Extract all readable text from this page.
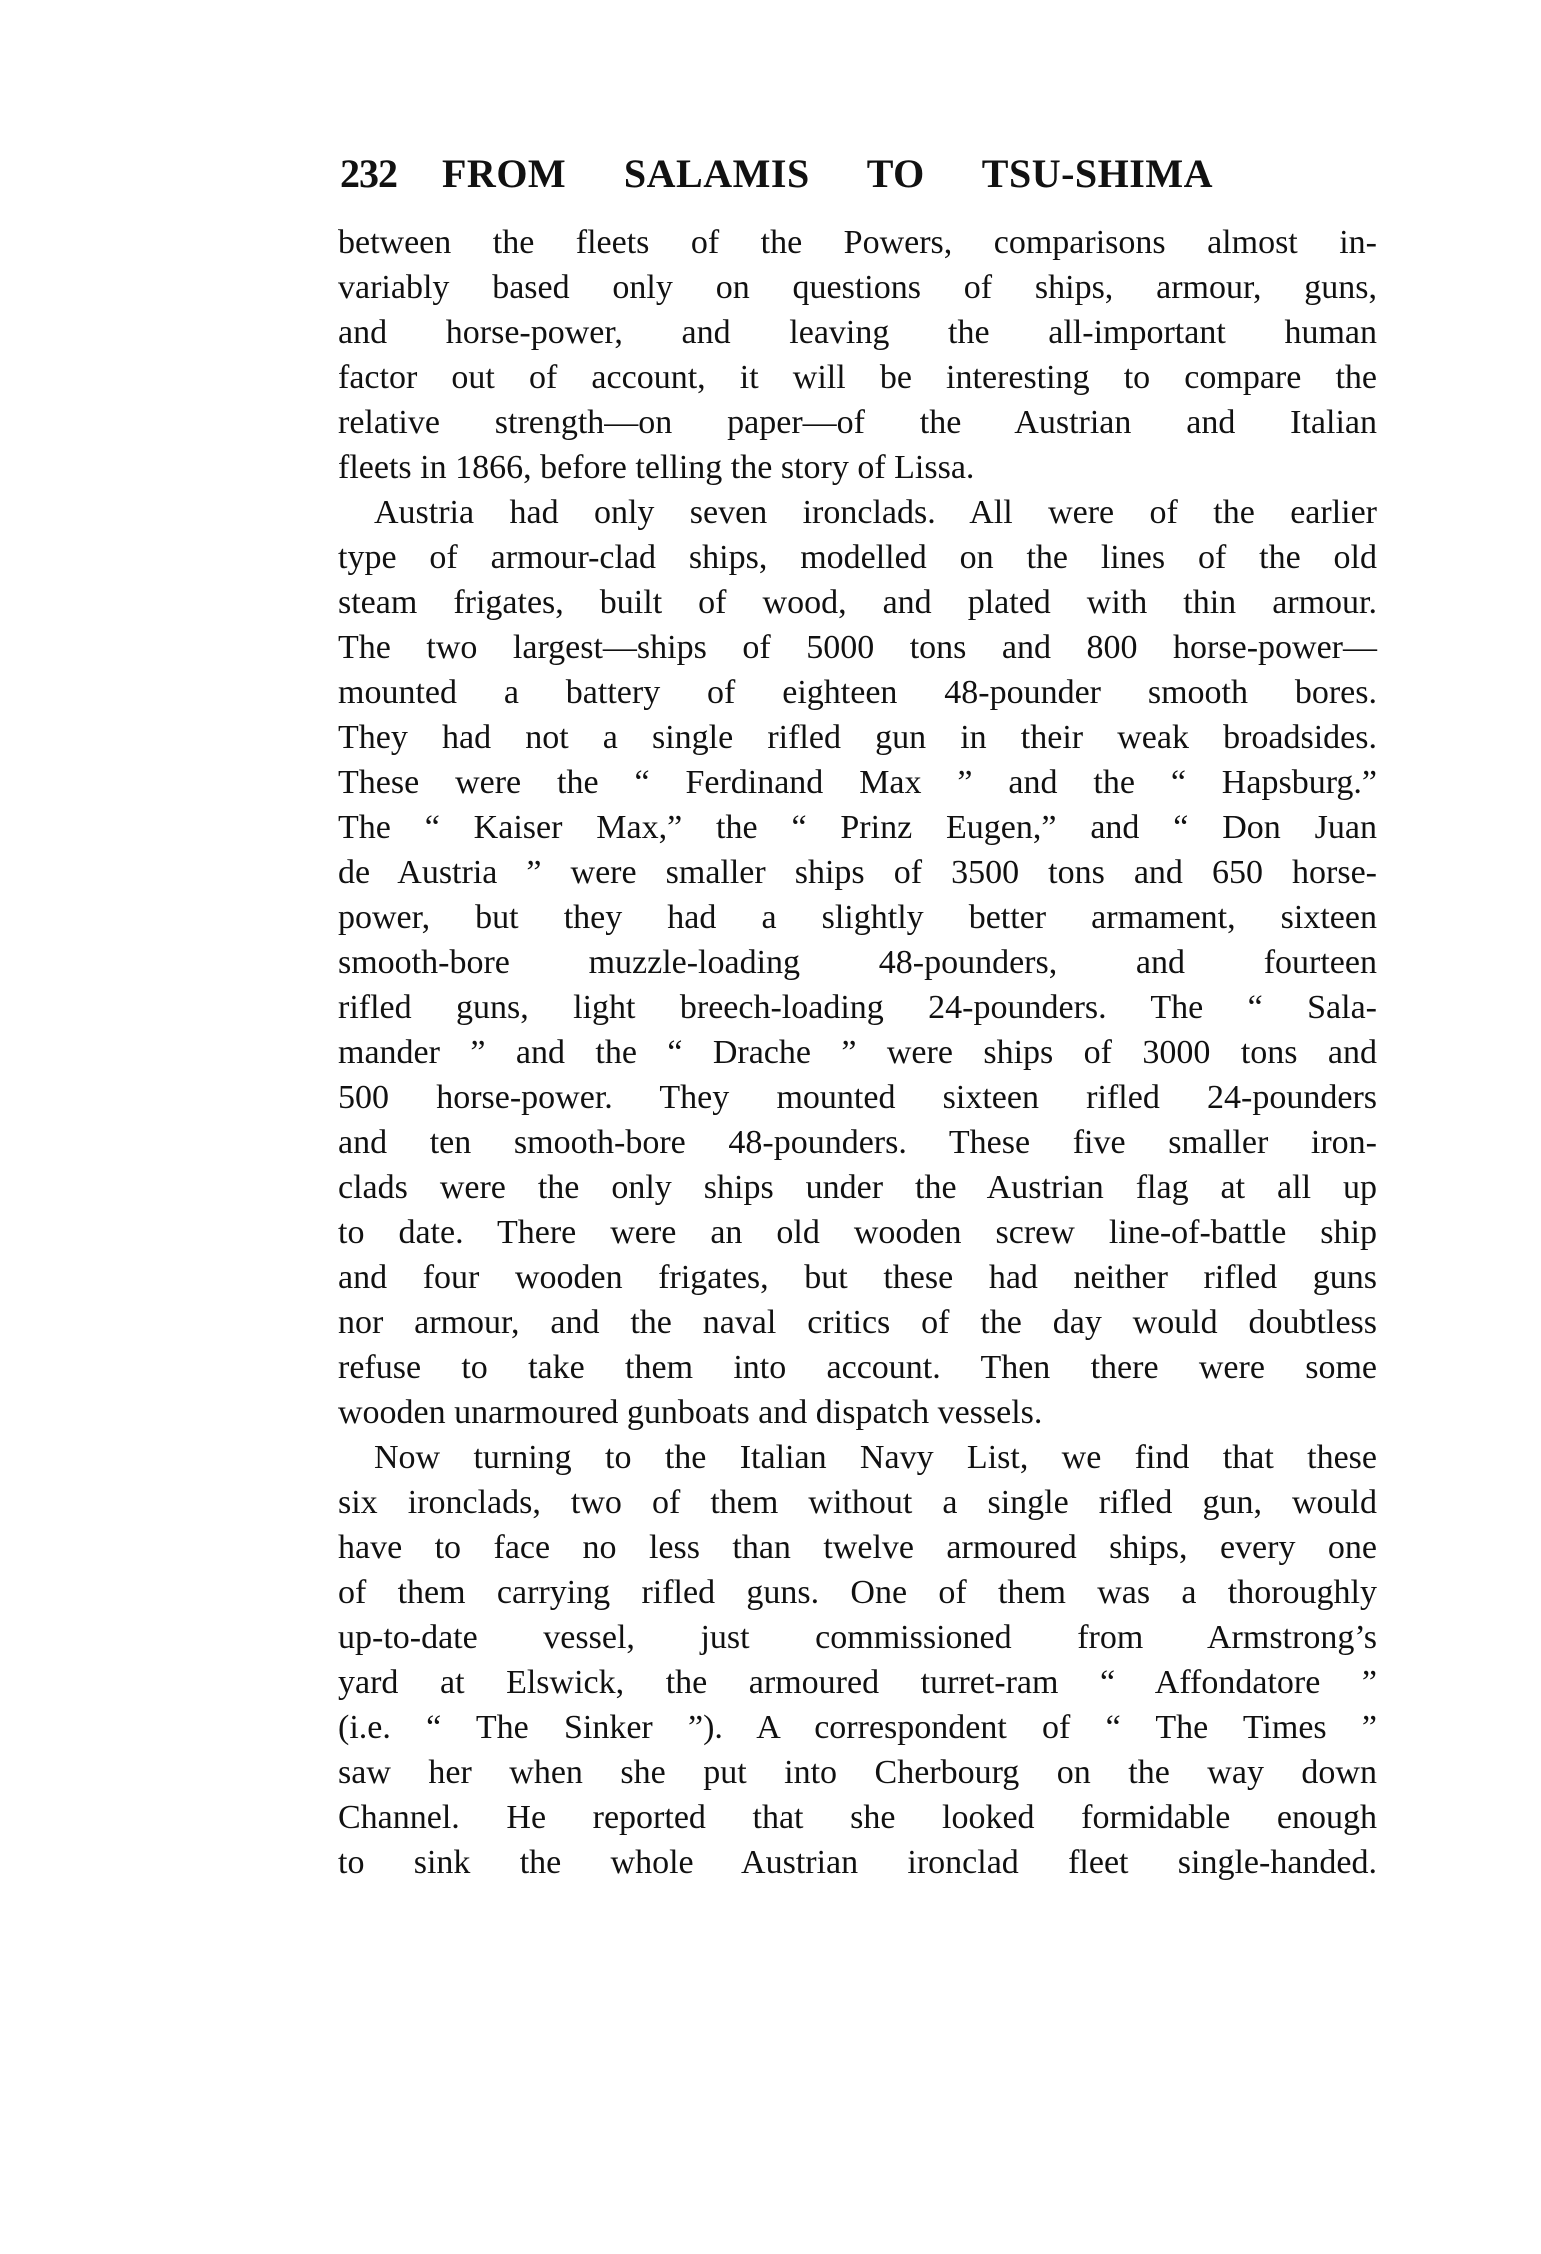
232 FROM SALAMIS TO TSU-SHIMA
between the fleets of the Powers, comparisons almost in-
variably based only on questions of ships, armour, guns,
and horse-power, and leaving the all-important human
factor out of account, it will be interesting to compare the
relative strength—on paper—of the Austrian and Italian
fleets in 1866, before telling the story of Lissa.
Austria had only seven ironclads. All were of the earlier
type of armour-clad ships, modelled on the lines of the old
steam frigates, built of wood, and plated with thin armour.
The two largest—ships of 5000 tons and 800 horse-power—
mounted a battery of eighteen 48-pounder smooth bores.
They had not a single rifled gun in their weak broadsides.
These were the “ Ferdinand Max ” and the “ Hapsburg.”
The “ Kaiser Max,” the “ Prinz Eugen,” and “ Don Juan
de Austria ” were smaller ships of 3500 tons and 650 horse-
power, but they had a slightly better armament, sixteen
smooth-bore muzzle-loading 48-pounders, and fourteen
rifled guns, light breech-loading 24-pounders. The “ Sala-
mander ” and the “ Drache ” were ships of 3000 tons and
500 horse-power. They mounted sixteen rifled 24-pounders
and ten smooth-bore 48-pounders. These five smaller iron-
clads were the only ships under the Austrian flag at all up
to date. There were an old wooden screw line-of-battle ship
and four wooden frigates, but these had neither rifled guns
nor armour, and the naval critics of the day would doubtless
refuse to take them into account. Then there were some
wooden unarmoured gunboats and dispatch vessels.
Now turning to the Italian Navy List, we find that these
six ironclads, two of them without a single rifled gun, would
have to face no less than twelve armoured ships, every one
of them carrying rifled guns. One of them was a thoroughly
up-to-date vessel, just commissioned from Armstrong’s
yard at Elswick, the armoured turret-ram “ Affondatore ”
(i.e. “ The Sinker ”). A correspondent of “ The Times ”
saw her when she put into Cherbourg on the way down
Channel. He reported that she looked formidable enough
to sink the whole Austrian ironclad fleet single-handed.
